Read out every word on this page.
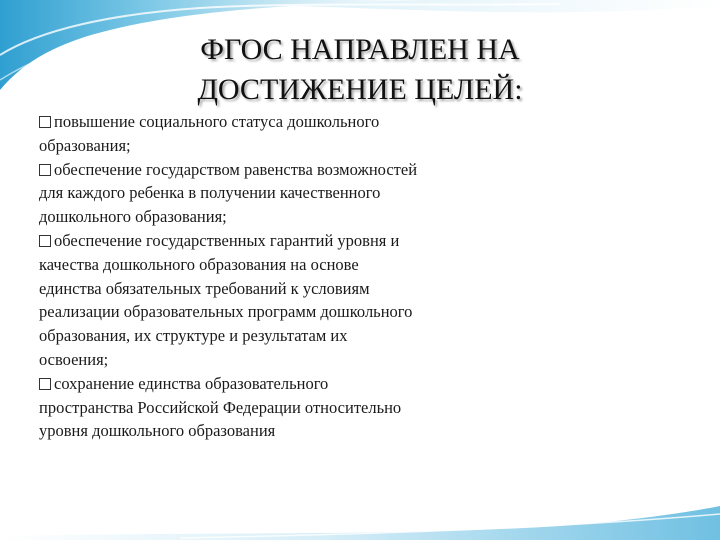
ФГОС НАПРАВЛЕН НА
ДОСТИЖЕНИЕ ЦЕЛЕЙ:
повышение социального статуса дошкольного
образования;
обеспечение государством равенства возможностей
для каждого ребенка в получении качественного
дошкольного образования;
обеспечение государственных гарантий уровня и
качества дошкольного образования на основе
единства обязательных требований к условиям
реализации образовательных программ дошкольного
образования, их структуре и результатам их
освоения;
сохранение единства образовательного
пространства Российской Федерации относительно
уровня дошкольного образования
